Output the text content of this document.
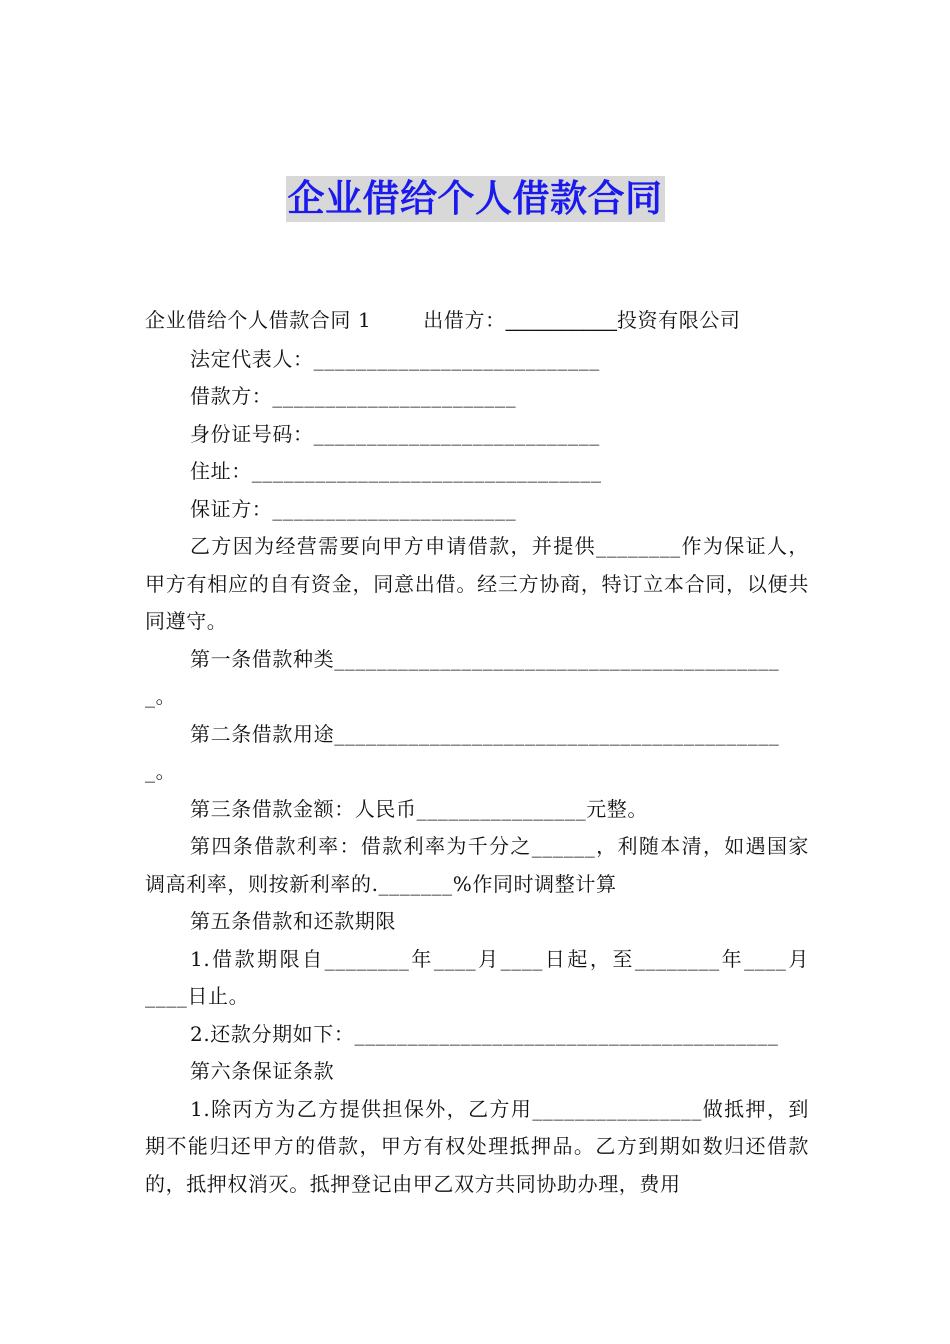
企业借给个人借款合同
企业借给个人借款合同 1	出借方：__________投资有限公司
法定代表人：___________________________
借款方：_______________________
身份证号码：___________________________
住址：_________________________________
保证方：_______________________
乙方因为经营需要向甲方申请借款，并提供________作为保证人，甲方有相应的自有资金，同意出借。经三方协商，特订立本合同，以便共同遵守。
第一条借款种类__________________________________________
_。
第二条借款用途__________________________________________
_。
第三条借款金额：人民币________________元整。
第四条借款利率：借款利率为千分之______，利随本清，如遇国家调高利率，则按新利率的._______%作同时调整计算
第五条借款和还款期限
1.借款期限自________年____月____日起，至________年____月____日止。
2.还款分期如下：________________________________________
第六条保证条款
1.除丙方为乙方提供担保外，乙方用________________做抵押，到期不能归还甲方的借款，甲方有权处理抵押品。乙方到期如数归还借款的，抵押权消灭。抵押登记由甲乙双方共同协助办理，费用
